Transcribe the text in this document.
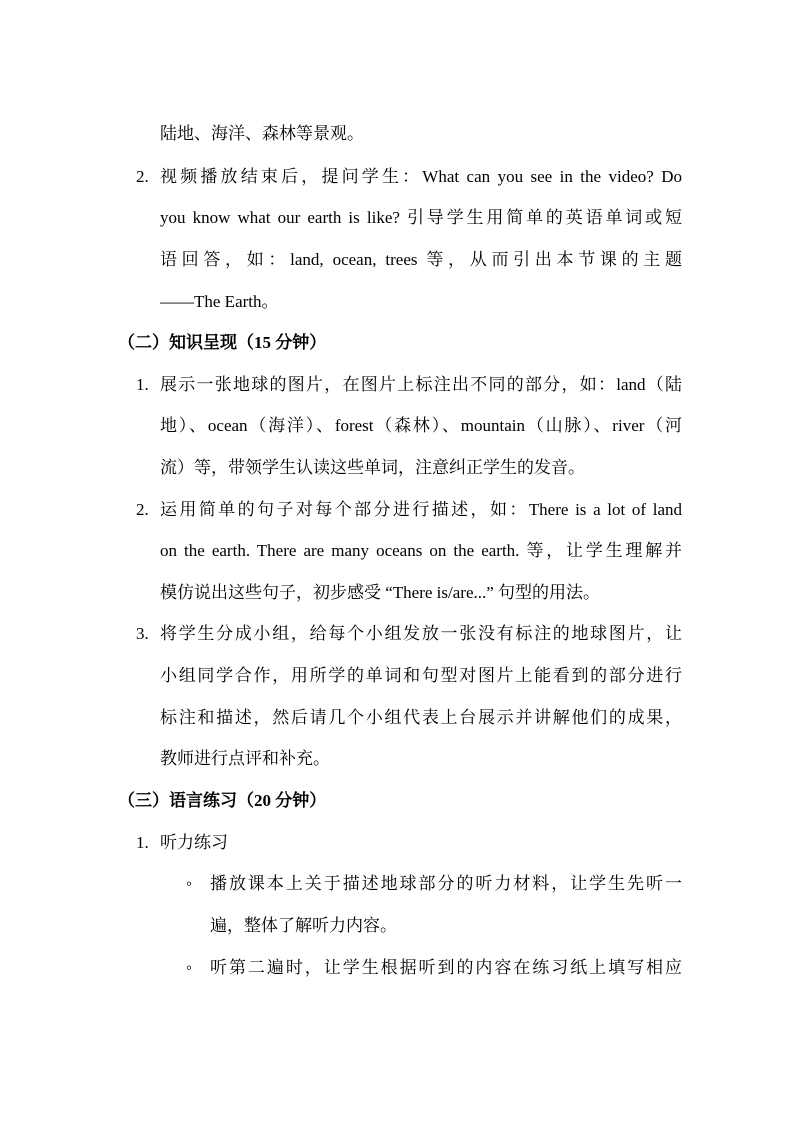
陆地、海洋、森林等景观。
2. 视频播放结束后，提问学生：What can you see in the video? Do
you know what our earth is like? 引导学生用简单的英语单词或短
语回答，如：land, ocean, trees 等，从而引出本节课的主题
——The Earth。
（二）知识呈现（15 分钟）
1. 展示一张地球的图片，在图片上标注出不同的部分，如：land（陆
地）、ocean（海洋）、forest（森林）、mountain（山脉）、river（河
流）等，带领学生认读这些单词，注意纠正学生的发音。
2. 运用简单的句子对每个部分进行描述，如：There is a lot of land
on the earth. There are many oceans on the earth. 等，让学生理解并
模仿说出这些句子，初步感受 “There is/are...” 句型的用法。
3. 将学生分成小组，给每个小组发放一张没有标注的地球图片，让
小组同学合作，用所学的单词和句型对图片上能看到的部分进行
标注和描述，然后请几个小组代表上台展示并讲解他们的成果，
教师进行点评和补充。
（三）语言练习（20 分钟）
1. 听力练习
◦ 播放课本上关于描述地球部分的听力材料，让学生先听一
遍，整体了解听力内容。
◦ 听第二遍时，让学生根据听到的内容在练习纸上填写相应
